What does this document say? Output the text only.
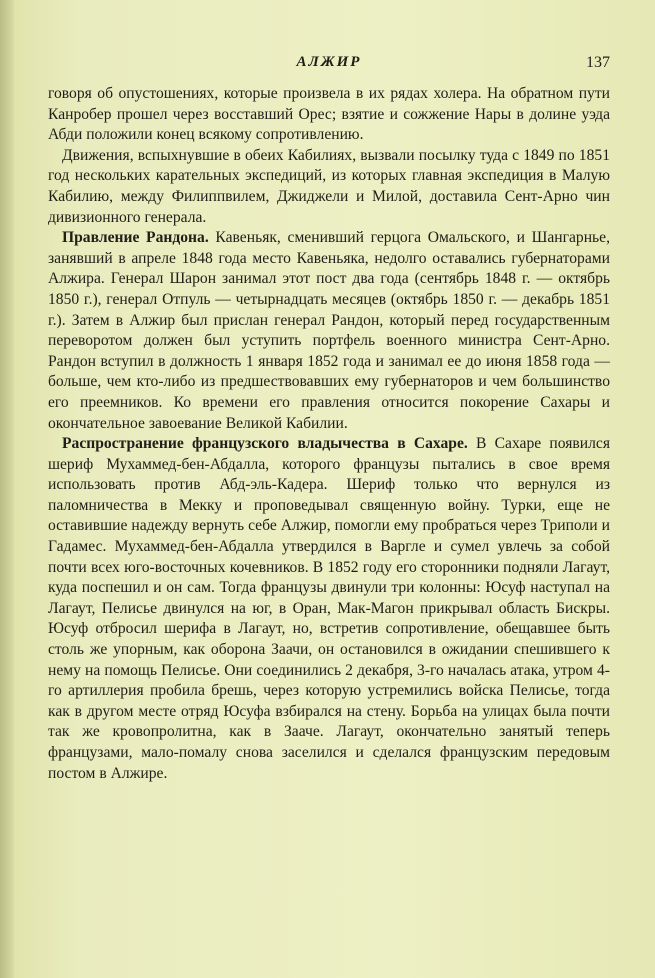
АЛЖИР	137

говоря об опустошениях, которые произвела в их рядах холера. На обратном пути Канробер прошел через восставший Орес; взятие и сожжение Нары в долине уэда Абди положили конец всякому сопротивлению.

Движения, вспыхнувшие в обеих Кабилиях, вызвали посылку туда с 1849 по 1851 год нескольких карательных экспедиций, из которых главная экспедиция в Малую Кабилию, между Филиппвилем, Джиджели и Милой, доставила Сент-Арно чин дивизионного генерала.

Правление Рандона. Кавеньяк, сменивший герцога Омальского, и Шангарнье, занявший в апреле 1848 года место Кавеньяка, недолго оставались губернаторами Алжира. Генерал Шарон занимал этот пост два года (сентябрь 1848 г. — октябрь 1850 г.), генерал Отпуль — четырнадцать месяцев (октябрь 1850 г. — декабрь 1851 г.). Затем в Алжир был прислан генерал Рандон, который перед государственным переворотом должен был уступить портфель военного министра Сент-Арно. Рандон вступил в должность 1 января 1852 года и занимал ее до июня 1858 года — больше, чем кто-либо из предшествовавших ему губернаторов и чем большинство его преемников. Ко времени его правления относится покорение Сахары и окончательное завоевание Великой Кабилии.

Распространение французского владычества в Сахаре. В Сахаре появился шериф Мухаммед-бен-Абдалла, которого французы пытались в свое время использовать против Абд-эль-Кадера. Шериф только что вернулся из паломничества в Мекку и проповедывал священную войну. Турки, еще не оставившие надежду вернуть себе Алжир, помогли ему пробраться через Триполи и Гадамес. Мухаммед-бен-Абдалла утвердился в Варгле и сумел увлечь за собой почти всех юго-восточных кочевников. В 1852 году его сторонники подняли Лагаут, куда поспешил и он сам. Тогда французы двинули три колонны: Юсуф наступал на Лагаут, Пелисье двинулся на юг, в Оран, Мак-Магон прикрывал область Бискры. Юсуф отбросил шерифа в Лагаут, но, встретив сопротивление, обещавшее быть столь же упорным, как оборона Заачи, он остановился в ожидании спешившего к нему на помощь Пелисье. Они соединились 2 декабря, 3-го началась атака, утром 4-го артиллерия пробила брешь, через которую устремились войска Пелисье, тогда как в другом месте отряд Юсуфа взбирался на стену. Борьба на улицах была почти так же кровопролитна, как в Зааче. Лагаут, окончательно занятый теперь французами, мало-помалу снова заселился и сделался французским передовым постом в Алжире.
